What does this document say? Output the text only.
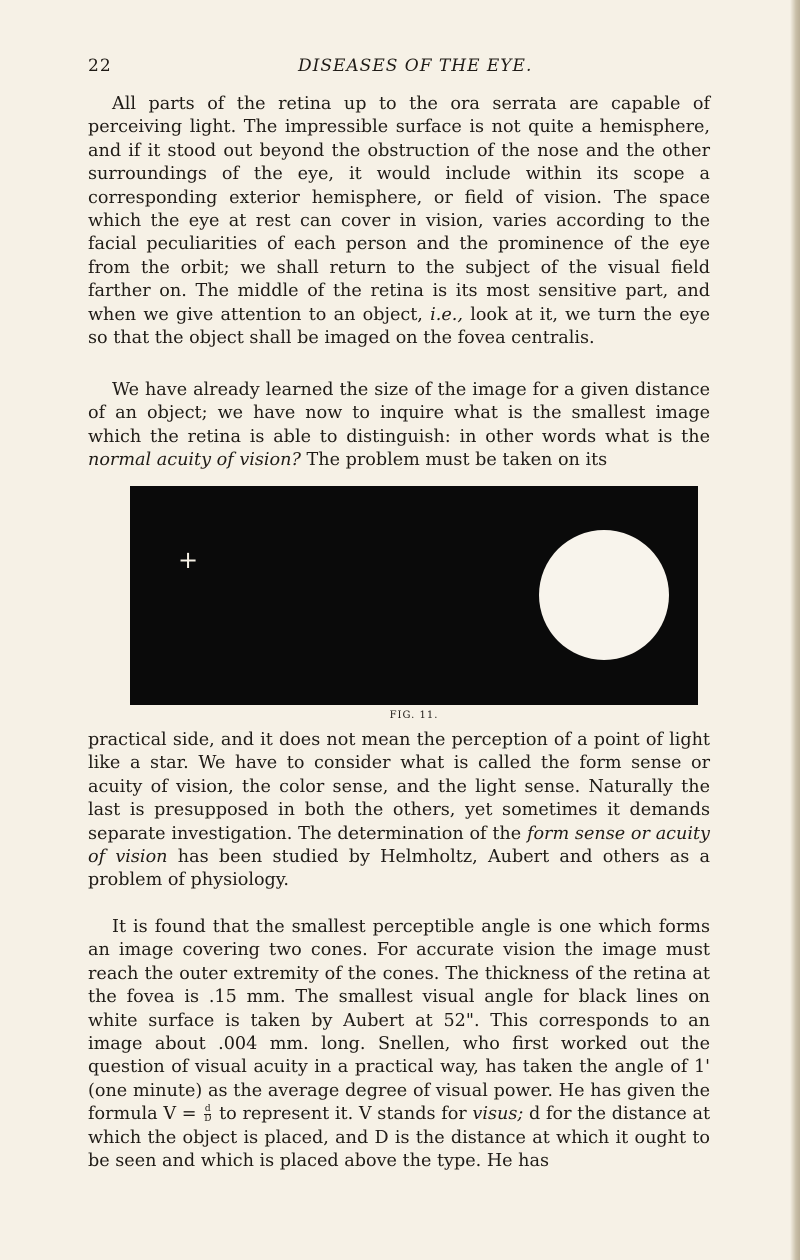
22	DISEASES OF THE EYE.

All parts of the retina up to the ora serrata are capable of perceiving light. The impressible surface is not quite a hemisphere, and if it stood out beyond the obstruction of the nose and the other surroundings of the eye, it would include within its scope a corresponding exterior hemisphere, or field of vision. The space which the eye at rest can cover in vision, varies according to the facial peculiarities of each person and the prominence of the eye from the orbit; we shall return to the subject of the visual field farther on. The middle of the retina is its most sensitive part, and when we give attention to an object, i.e., look at it, we turn the eye so that the object shall be imaged on the fovea centralis.

We have already learned the size of the image for a given distance of an object; we have now to inquire what is the smallest image which the retina is able to distinguish: in other words what is the normal acuity of vision? The problem must be taken on its

+
FIG. 11.

practical side, and it does not mean the perception of a point of light like a star. We have to consider what is called the form sense or acuity of vision, the color sense, and the light sense. Naturally the last is presupposed in both the others, yet sometimes it demands separate investigation. The determination of the form sense or acuity of vision has been studied by Helmholtz, Aubert and others as a problem of physiology.

It is found that the smallest perceptible angle is one which forms an image covering two cones. For accurate vision the image must reach the outer extremity of the cones. The thickness of the retina at the fovea is .15 mm. The smallest visual angle for black lines on white surface is taken by Aubert at 52". This corresponds to an image about .004 mm. long. Snellen, who first worked out the question of visual acuity in a practical way, has taken the angle of 1' (one minute) as the average degree of visual power. He has given the formula $V = \frac{d}{D}$ to represent it. V stands for visus; d for the distance at which the object is placed, and D is the distance at which it ought to be seen and which is placed above the type. He has
